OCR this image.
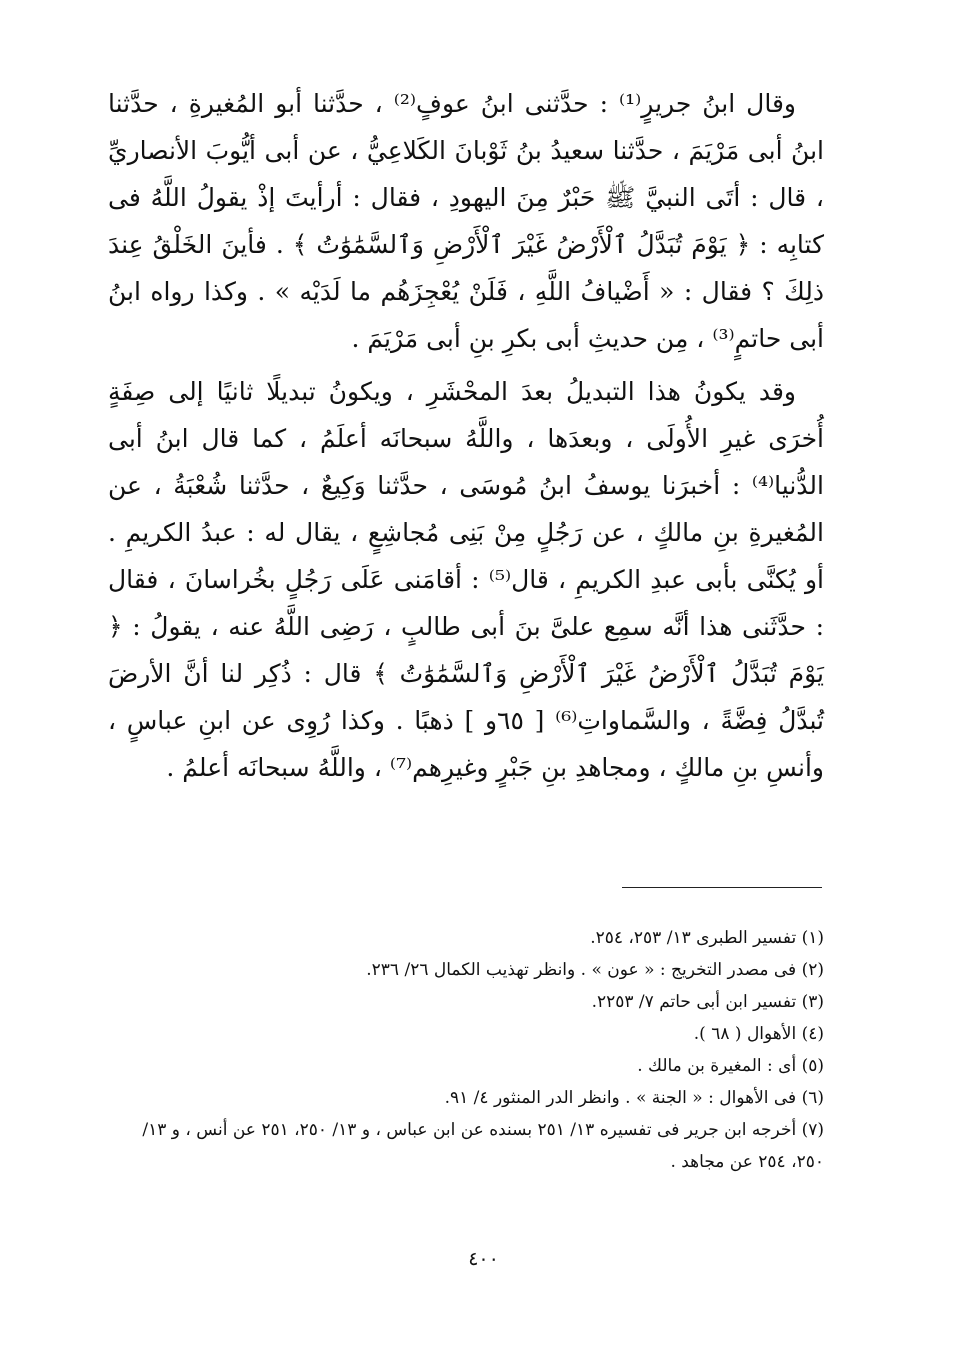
وقال ابنُ جريرٍ⁽¹⁾ : حدَّثنى ابنُ عوفٍ⁽²⁾ ، حدَّثنا أبو المُغيرةِ ، حدَّثنا ابنُ أبى مَرْيَمَ ، حدَّثنا سعيدُ بنُ ثَوْبانَ الكَلاعِيُّ ، عن أبى أيُّوبَ الأنصاريِّ ، قال : أتَى النبيَّ ﷺ حَبْرٌ مِنَ اليهودِ ، فقال : أرأيتَ إذْ يقولُ اللَّهُ فى كتابِه : ﴿ يَوْمَ تُبَدَّلُ ٱلْأَرْضُ غَيْرَ ٱلْأَرْضِ وَٱلسَّمَٰوَٰتُ ﴾ . فأينَ الخَلْقُ عِندَ ذلِكَ ؟ فقال : « أَضْيافُ اللَّهِ ، فَلَنْ يُعْجِزَهُم ما لَدَيْه » . وكذا رواه ابنُ أبى حاتمٍ⁽³⁾ ، مِن حديثِ أبى بكرِ بنِ أبى مَرْيَمَ .

وقد يكونُ هذا التبديلُ بعدَ المحْشَرِ ، ويكونُ تبديلًا ثانيًا إلى صِفَةٍ أُخرَى غيرِ الأُولَى ، وبعدَها ، واللَّهُ سبحانَه أعلَمُ ، كما قال ابنُ أبى الدُّنيا⁽⁴⁾ : أخبرَنا يوسفُ ابنُ مُوسَى ، حدَّثنا وَكِيعٌ ، حدَّثنا شُعْبَةُ ، عن المُغيرةِ بنِ مالكٍ ، عن رَجُلٍ مِنْ بَنِى مُجاشِعٍ ، يقال له : عبدُ الكريمِ . أو يُكنَّى بأبى عبدِ الكريمِ ، قال⁽⁵⁾ : أقامَنى عَلَى رَجُلٍ بخُراسانَ ، فقال : حدَّثَنى هذا أنَّه سمِع علىَّ بنَ أبى طالبٍ ، رَضِى اللَّهُ عنه ، يقولُ : ﴿ يَوْمَ تُبَدَّلُ ٱلْأَرْضُ غَيْرَ ٱلْأَرْضِ وَٱلسَّمَٰوَٰتُ ﴾ قال : ذُكِر لنا أنَّ الأرضَ تُبدَّلُ فِضَّةً ، والسَّماواتِ⁽⁶⁾ [ ٦٥و ] ذهبًا . وكذا رُوِى عن ابنِ عباسٍ ، وأنسِ بنِ مالكٍ ، ومجاهدِ بنِ جَبْرٍ وغيرِهم⁽⁷⁾ ، واللَّهُ سبحانَه أعلمُ .

(١) تفسير الطبرى ١٣/ ٢٥٣، ٢٥٤.
(٢) فى مصدر التخريج : « عون » . وانظر تهذيب الكمال ٢٦/ ٢٣٦.
(٣) تفسير ابن أبى حاتم ٧/ ٢٢٥٣.
(٤) الأهوال ( ٦٨ ).
(٥) أى : المغيرة بن مالك .
(٦) فى الأهوال : « الجنة » . وانظر الدر المنثور ٤/ ٩١.
(٧) أخرجه ابن جرير فى تفسيره ١٣/ ٢٥١ بسنده عن ابن عباس ، و ١٣/ ٢٥٠، ٢٥١ عن أنس ، و ١٣/ ٢٥٠، ٢٥٤ عن مجاهد .
٤٠٠
